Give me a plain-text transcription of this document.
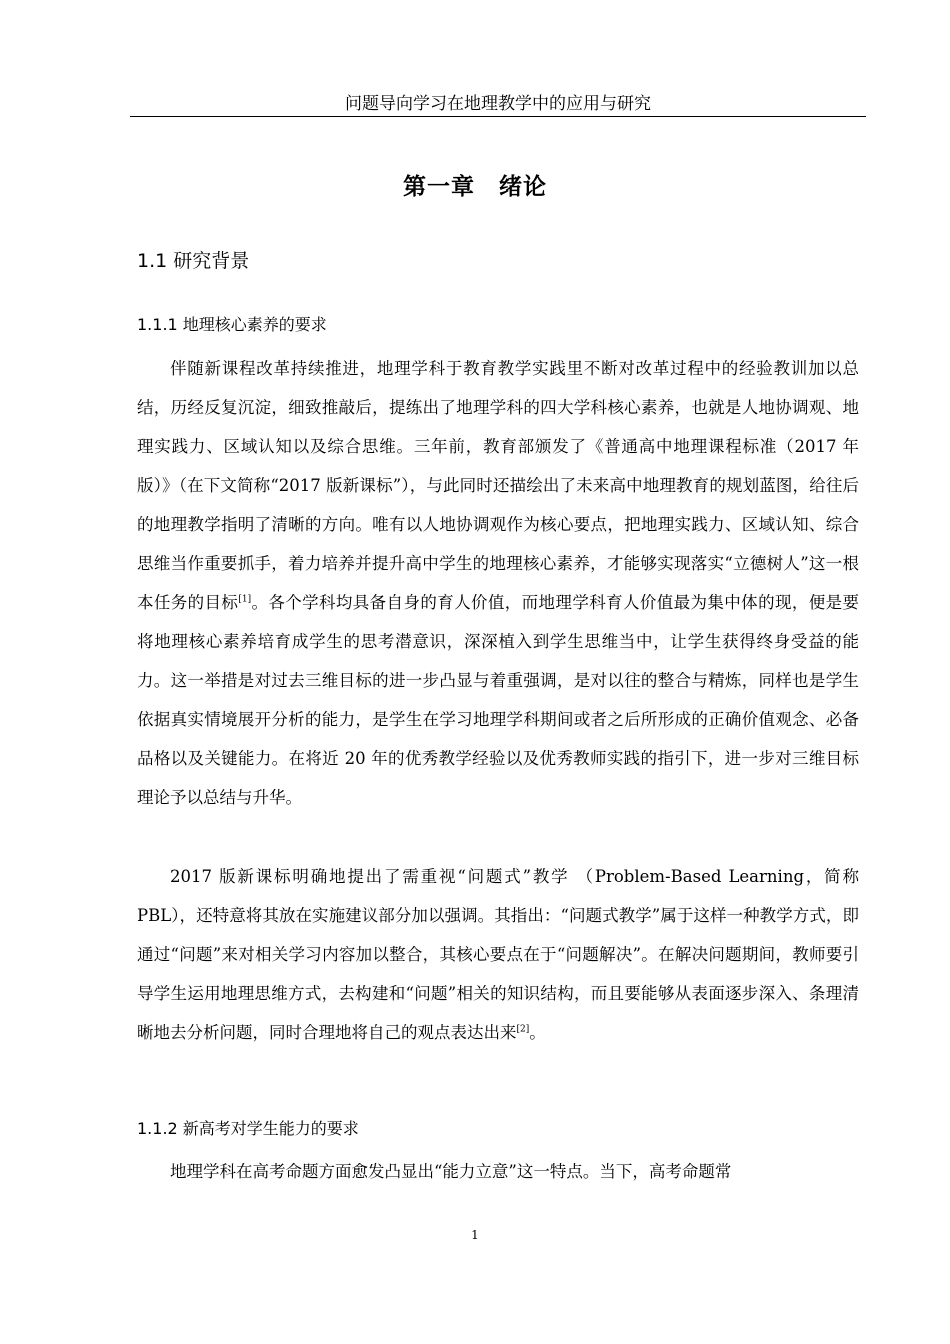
问题导向学习在地理教学中的应用与研究
第一章　绪论
1.1 研究背景
1.1.1 地理核心素养的要求

伴随新课程改革持续推进，地理学科于教育教学实践里不断对改革过程中的经验教训加以总结，历经反复沉淀，细致推敲后，提练出了地理学科的四大学科核心素养，也就是人地协调观、地理实践力、区域认知以及综合思维。三年前，教育部颁发了《普通高中地理课程标准（2017 年版）》（在下文简称“2017 版新课标”），与此同时还描绘出了未来高中地理教育的规划蓝图，给往后的地理教学指明了清晰的方向。唯有以人地协调观作为核心要点，把地理实践力、区域认知、综合思维当作重要抓手，着力培养并提升高中学生的地理核心素养，才能够实现落实“立德树人”这一根本任务的目标[1]。各个学科均具备自身的育人价值，而地理学科育人价值最为集中体的现，便是要将地理核心素养培育成学生的思考潜意识，深深植入到学生思维当中，让学生获得终身受益的能力。这一举措是对过去三维目标的进一步凸显与着重强调，是对以往的整合与精炼，同样也是学生依据真实情境展开分析的能力，是学生在学习地理学科期间或者之后所形成的正确价值观念、必备品格以及关键能力。在将近 20 年的优秀教学经验以及优秀教师实践的指引下，进一步对三维目标理论予以总结与升华。

2017 版新课标明确地提出了需重视“问题式”教学 （Problem-Based Learning，简称 PBL），还特意将其放在实施建议部分加以强调。其指出：“问题式教学”属于这样一种教学方式，即通过“问题”来对相关学习内容加以整合，其核心要点在于“问题解决”。在解决问题期间，教师要引导学生运用地理思维方式，去构建和“问题”相关的知识结构，而且要能够从表面逐步深入、条理清晰地去分析问题，同时合理地将自己的观点表达出来[2]。

1.1.2 新高考对学生能力的要求

地理学科在高考命题方面愈发凸显出“能力立意”这一特点。当下，高考命题常

1
